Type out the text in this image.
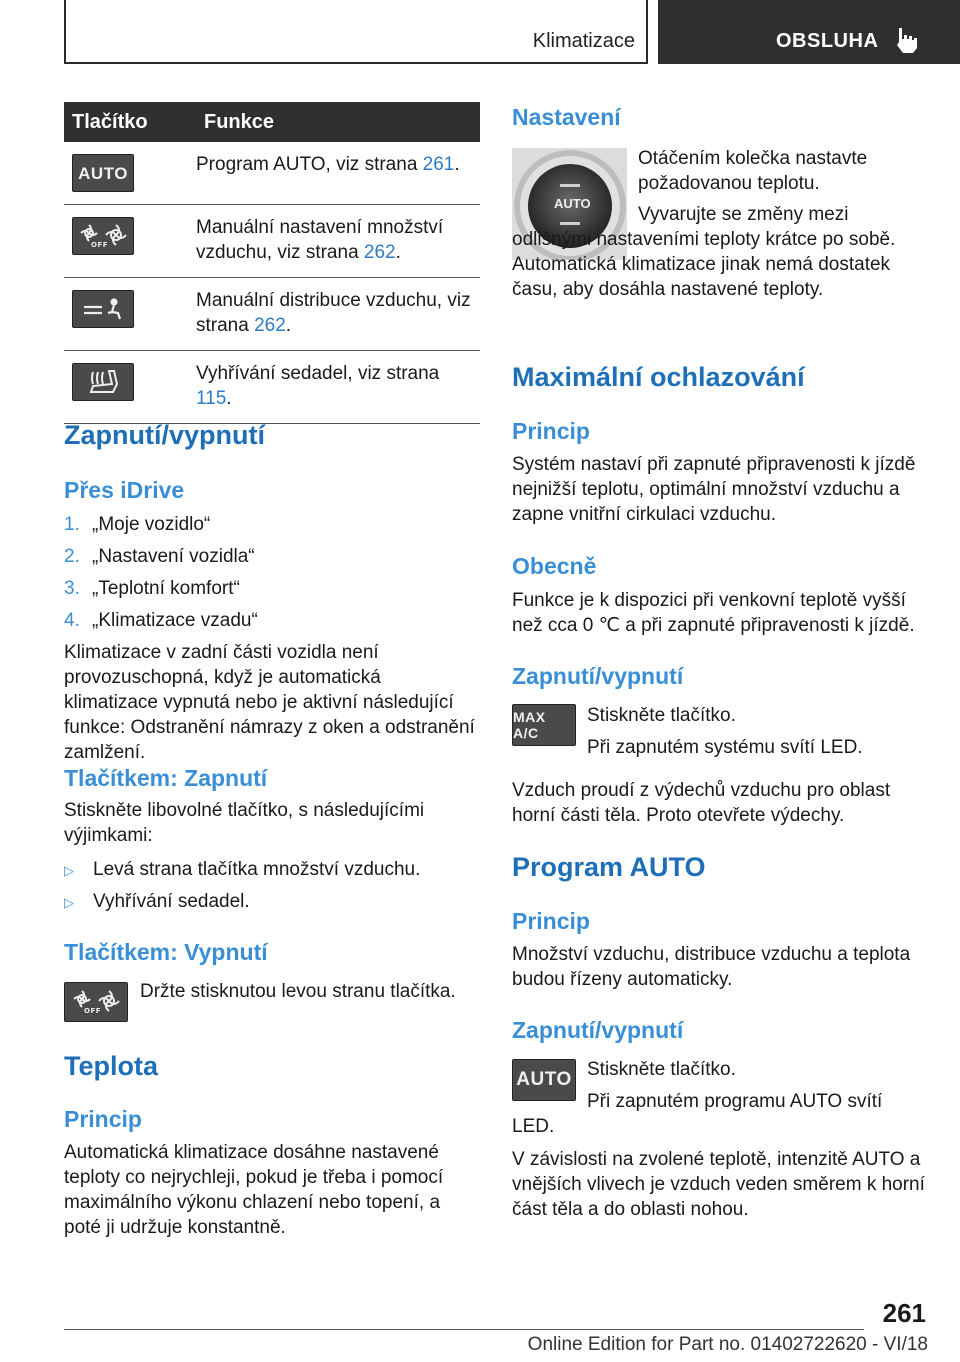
Klimatizace	OBSLUHA
Tlačítko	Funkce

AUTO	Program AUTO, viz strana 261.

OFF	Manuální nastavení množství vzduchu, viz strana 262.

	Manuální distribuce vzduchu, viz strana 262.

	Vyhřívání sedadel, viz strana 115.
Zapnutí/vypnutí
Přes iDrive
1. „Moje vozidlo“
2. „Nastavení vozidla“
3. „Teplotní komfort“
4. „Klimatizace vzadu“

Klimatizace v zadní části vozidla není provozuschopná, když je automatická klimatizace vypnutá nebo je aktivní následující funkce: Odstranění námrazy z oken a odstranění zamlžení.

Tlačítkem: Zapnutí

Stiskněte libovolné tlačítko, s následujícími výjimkami:

▷ Levá strana tlačítka množství vzduchu.
▷ Vyhřívání sedadel.
Tlačítkem: Vypnutí
OFF

Držte stisknutou levou stranu tlačítka.

Teplota
Princip

Automatická klimatizace dosáhne nastavené teploty co nejrychleji, pokud je třeba i pomocí maximálního výkonu chlazení nebo topení, a poté ji udržuje konstantně.

Nastavení
AUTO

Otáčením kolečka nastavte požadovanou teplotu.

Vyvarujte se změny mezi odlišnými nastaveními teploty krátce po sobě. Automatická klimatizace jinak nemá dostatek času, aby dosáhla nastavené teploty.

Maximální ochlazování
Princip

Systém nastaví při zapnuté připravenosti k jízdě nejnižší teplotu, optimální množství vzduchu a zapne vnitřní cirkulaci vzduchu.

Obecně

Funkce je k dispozici při venkovní teplotě vyšší než cca 0 ℃ a při zapnuté připravenosti k jízdě.

Zapnutí/vypnutí
MAX A/C

Stiskněte tlačítko.

Při zapnutém systému svítí LED.

Vzduch proudí z výdechů vzduchu pro oblast horní části těla. Proto otevřete výdechy.

Program AUTO
Princip

Množství vzduchu, distribuce vzduchu a teplota budou řízeny automaticky.

Zapnutí/vypnutí
AUTO Stiskněte tlačítko.

Při zapnutém programu AUTO svítí LED.

V závislosti na zvolené teplotě, intenzitě AUTO a vnějších vlivech je vzduch veden směrem k horní část těla a do oblasti nohou.

261
Online Edition for Part no. 01402722620 - VI/18
